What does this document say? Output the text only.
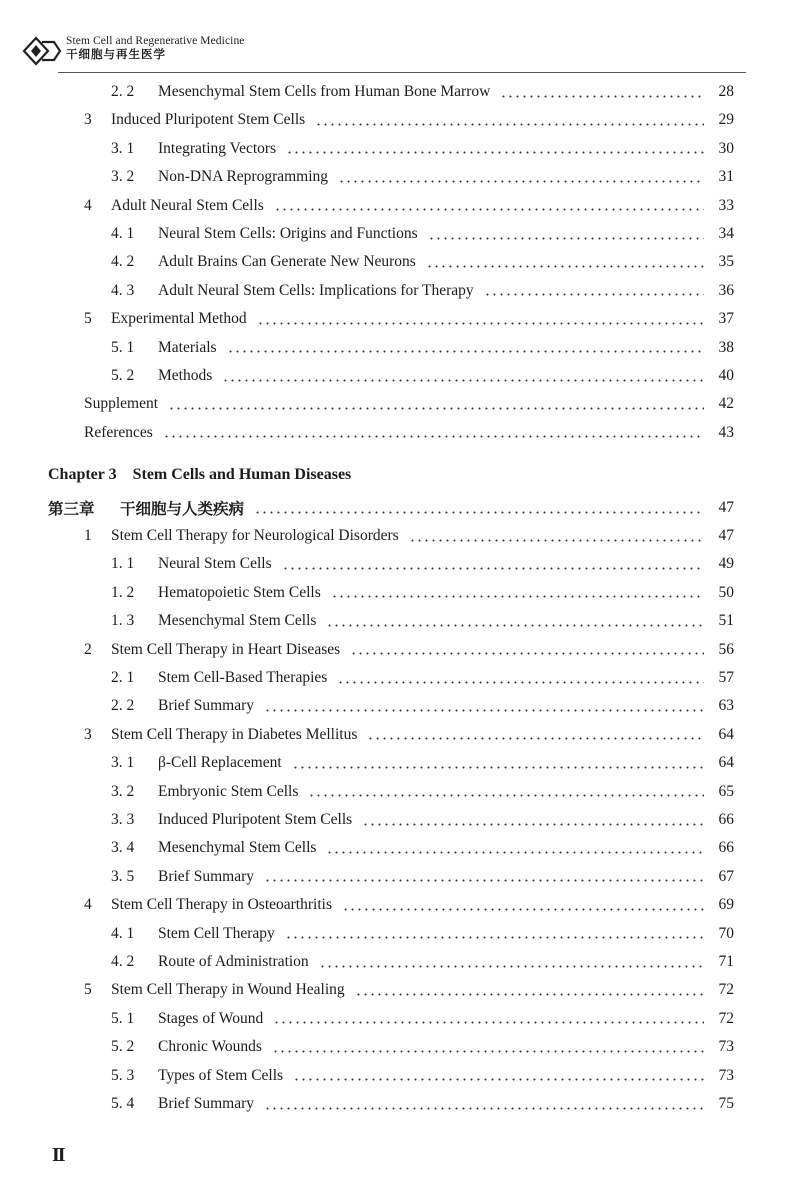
Stem Cell and Regenerative Medicine
干细胞与再生医学
2. 2	Mesenchymal Stem Cells from Human Bone Marrow	28
3	Induced Pluripotent Stem Cells	29
3. 1	Integrating Vectors	30
3. 2	Non-DNA Reprogramming	31
4	Adult Neural Stem Cells	33
4. 1	Neural Stem Cells: Origins and Functions	34
4. 2	Adult Brains Can Generate New Neurons	35
4. 3	Adult Neural Stem Cells: Implications for Therapy	36
5	Experimental Method	37
5. 1	Materials	38
5. 2	Methods	40
Supplement	42
References	43
Chapter 3 Stem Cells and Human Diseases
第三章	干细胞与人类疾病	47
1	Stem Cell Therapy for Neurological Disorders	47
1. 1	Neural Stem Cells	49
1. 2	Hematopoietic Stem Cells	50
1. 3	Mesenchymal Stem Cells	51
2	Stem Cell Therapy in Heart Diseases	56
2. 1	Stem Cell-Based Therapies	57
2. 2	Brief Summary	63
3	Stem Cell Therapy in Diabetes Mellitus	64
3. 1	β-Cell Replacement	64
3. 2	Embryonic Stem Cells	65
3. 3	Induced Pluripotent Stem Cells	66
3. 4	Mesenchymal Stem Cells	66
3. 5	Brief Summary	67
4	Stem Cell Therapy in Osteoarthritis	69
4. 1	Stem Cell Therapy	70
4. 2	Route of Administration	71
5	Stem Cell Therapy in Wound Healing	72
5. 1	Stages of Wound	72
5. 2	Chronic Wounds	73
5. 3	Types of Stem Cells	73
5. 4	Brief Summary	75
II
